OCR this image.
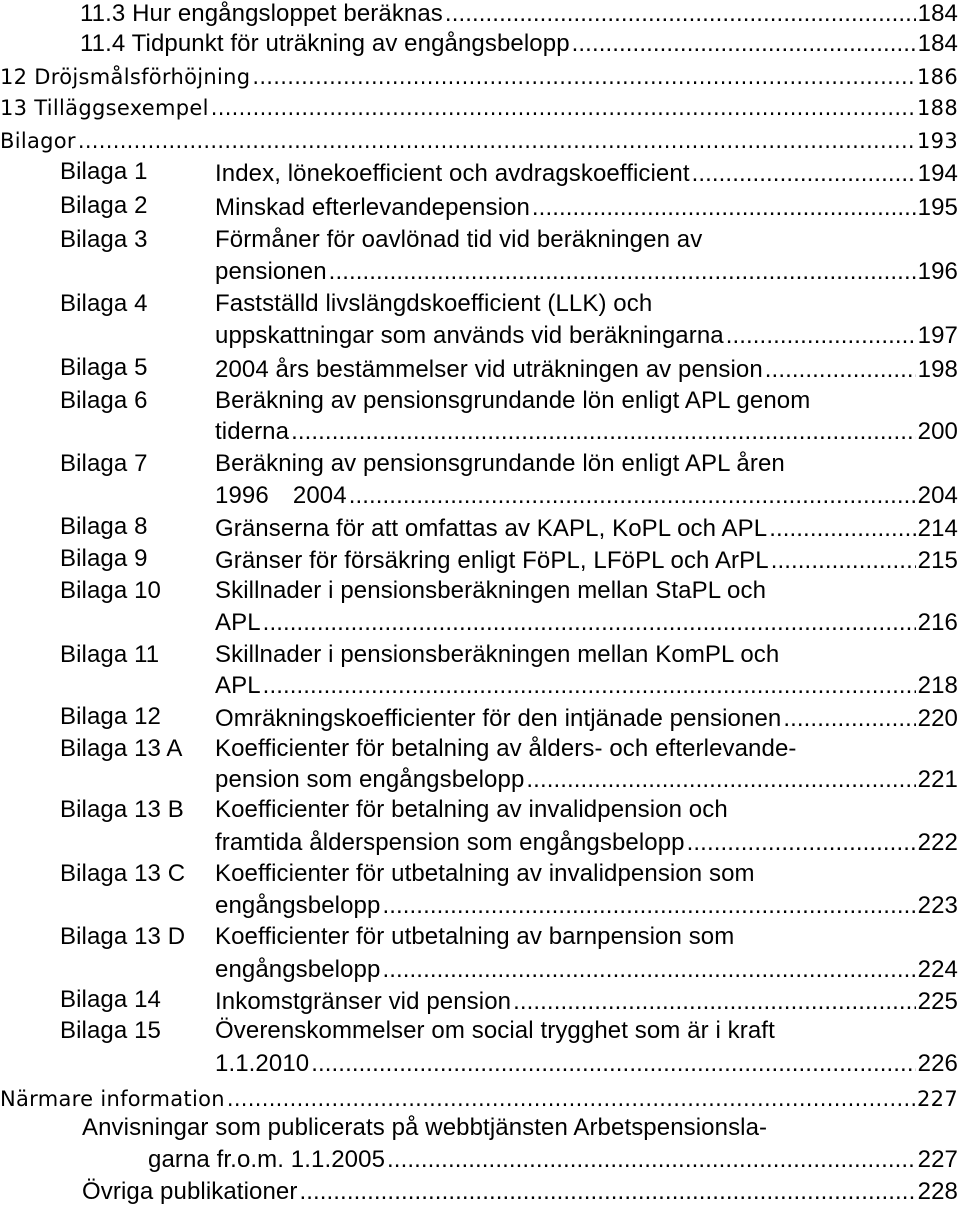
11.3 Hur engångsloppet beräknas .....	184
11.4 Tidpunkt för uträkning av engångsbelopp .....	184
12 Dröjsmålsförhöjning .....	186
13 Tilläggsexempel .....	188
Bilagor .....	193
Bilaga 1	Index, lönekoefficient och avdragskoefficient .....	194
Bilaga 2	Minskad efterlevandepension .....	195
Bilaga 3	Förmåner för oavlönad tid vid beräkningen av
pensionen .....	196
Bilaga 4	Fastställd livslängdskoefficient (LLK) och
uppskattningar som används vid beräkningarna .....	197
Bilaga 5	2004 års bestämmelser vid uträkningen av pension .....	198
Bilaga 6	Beräkning av pensionsgrundande lön enligt APL genom
tiderna .....	200
Bilaga 7	Beräkning av pensionsgrundande lön enligt APL åren
1996 2004 .....	204
Bilaga 8	Gränserna för att omfattas av KAPL, KoPL och APL .....	214
Bilaga 9	Gränser för försäkring enligt FöPL, LFöPL och ArPL .....	215
Bilaga 10 Skillnader i pensionsberäkningen mellan StaPL och
APL .....	216
Bilaga 11 Skillnader i pensionsberäkningen mellan KomPL och
APL .....	218
Bilaga 12 Omräkningskoefficienter för den intjänade pensionen .....	220
Bilaga 13 A Koefficienter för betalning av ålders- och efterlevande-
pension som engångsbelopp .....	221
Bilaga 13 B Koefficienter för betalning av invalidpension och
framtida ålderspension som engångsbelopp .....	222
Bilaga 13 C Koefficienter för utbetalning av invalidpension som
engångsbelopp .....	223
Bilaga 13 D Koefficienter för utbetalning av barnpension som
engångsbelopp .....	224
Bilaga 14 Inkomstgränser vid pension .....	225
Bilaga 15 Överenskommelser om social trygghet som är i kraft
1.1.2010 .....	226
Närmare information .....	227
Anvisningar som publicerats på webbtjänsten Arbetspensionsla-
garna fr.o.m. 1.1.2005 .....	227
Övriga publikationer .....	228
